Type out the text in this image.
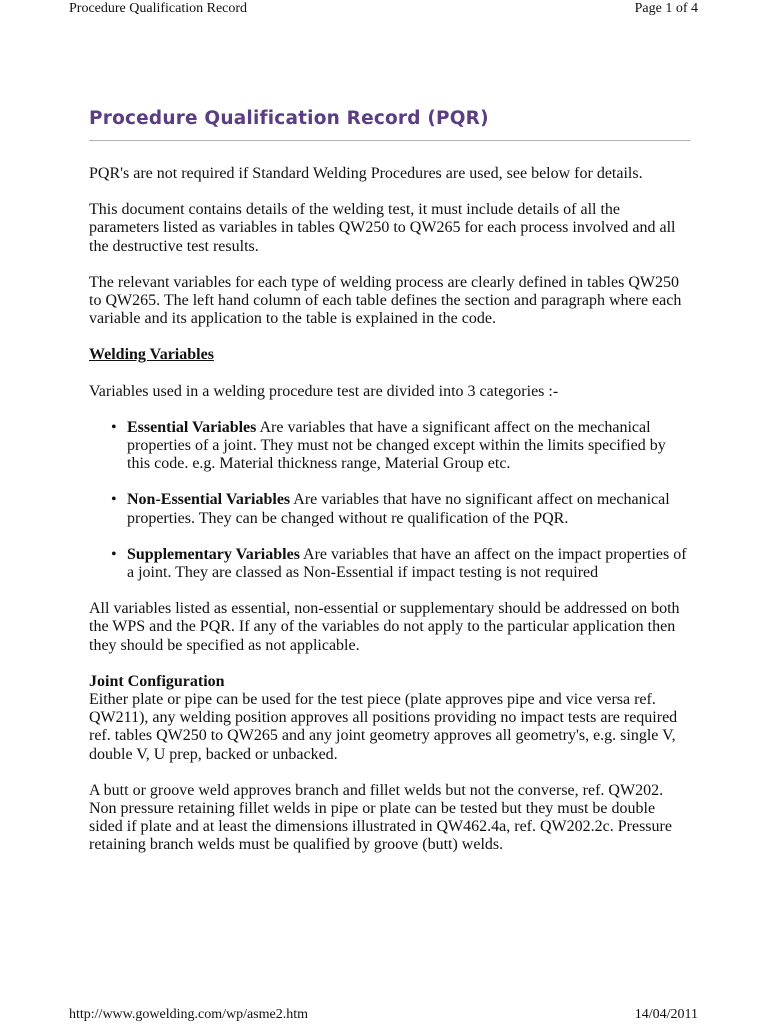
Procedure Qualification Record	Page 1 of 4
Procedure Qualification Record (PQR)

PQR's are not required if Standard Welding Procedures are used, see below for details.

This document contains details of the welding test, it must include details of all the parameters listed as variables in tables QW250 to QW265 for each process involved and all the destructive test results.

The relevant variables for each type of welding process are clearly defined in tables QW250 to QW265. The left hand column of each table defines the section and paragraph where each variable and its application to the table is explained in the code.

Welding Variables

Variables used in a welding procedure test are divided into 3 categories :-

• Essential Variables Are variables that have a significant affect on the mechanical properties of a joint. They must not be changed except within the limits specified by this code. e.g. Material thickness range, Material Group etc.
• Non-Essential Variables Are variables that have no significant affect on mechanical properties. They can be changed without re qualification of the PQR.
• Supplementary Variables Are variables that have an affect on the impact properties of a joint. They are classed as Non-Essential if impact testing is not required

All variables listed as essential, non-essential or supplementary should be addressed on both the WPS and the PQR. If any of the variables do not apply to the particular application then they should be specified as not applicable.

Joint Configuration

Either plate or pipe can be used for the test piece (plate approves pipe and vice versa ref. QW211), any welding position approves all positions providing no impact tests are required ref. tables QW250 to QW265 and any joint geometry approves all geometry's, e.g. single V, double V, U prep, backed or unbacked.

A butt or groove weld approves branch and fillet welds but not the converse, ref. QW202. Non pressure retaining fillet welds in pipe or plate can be tested but they must be double sided if plate and at least the dimensions illustrated in QW462.4a, ref. QW202.2c. Pressure retaining branch welds must be qualified by groove (butt) welds.

http://www.gowelding.com/wp/asme2.htm	14/04/2011
